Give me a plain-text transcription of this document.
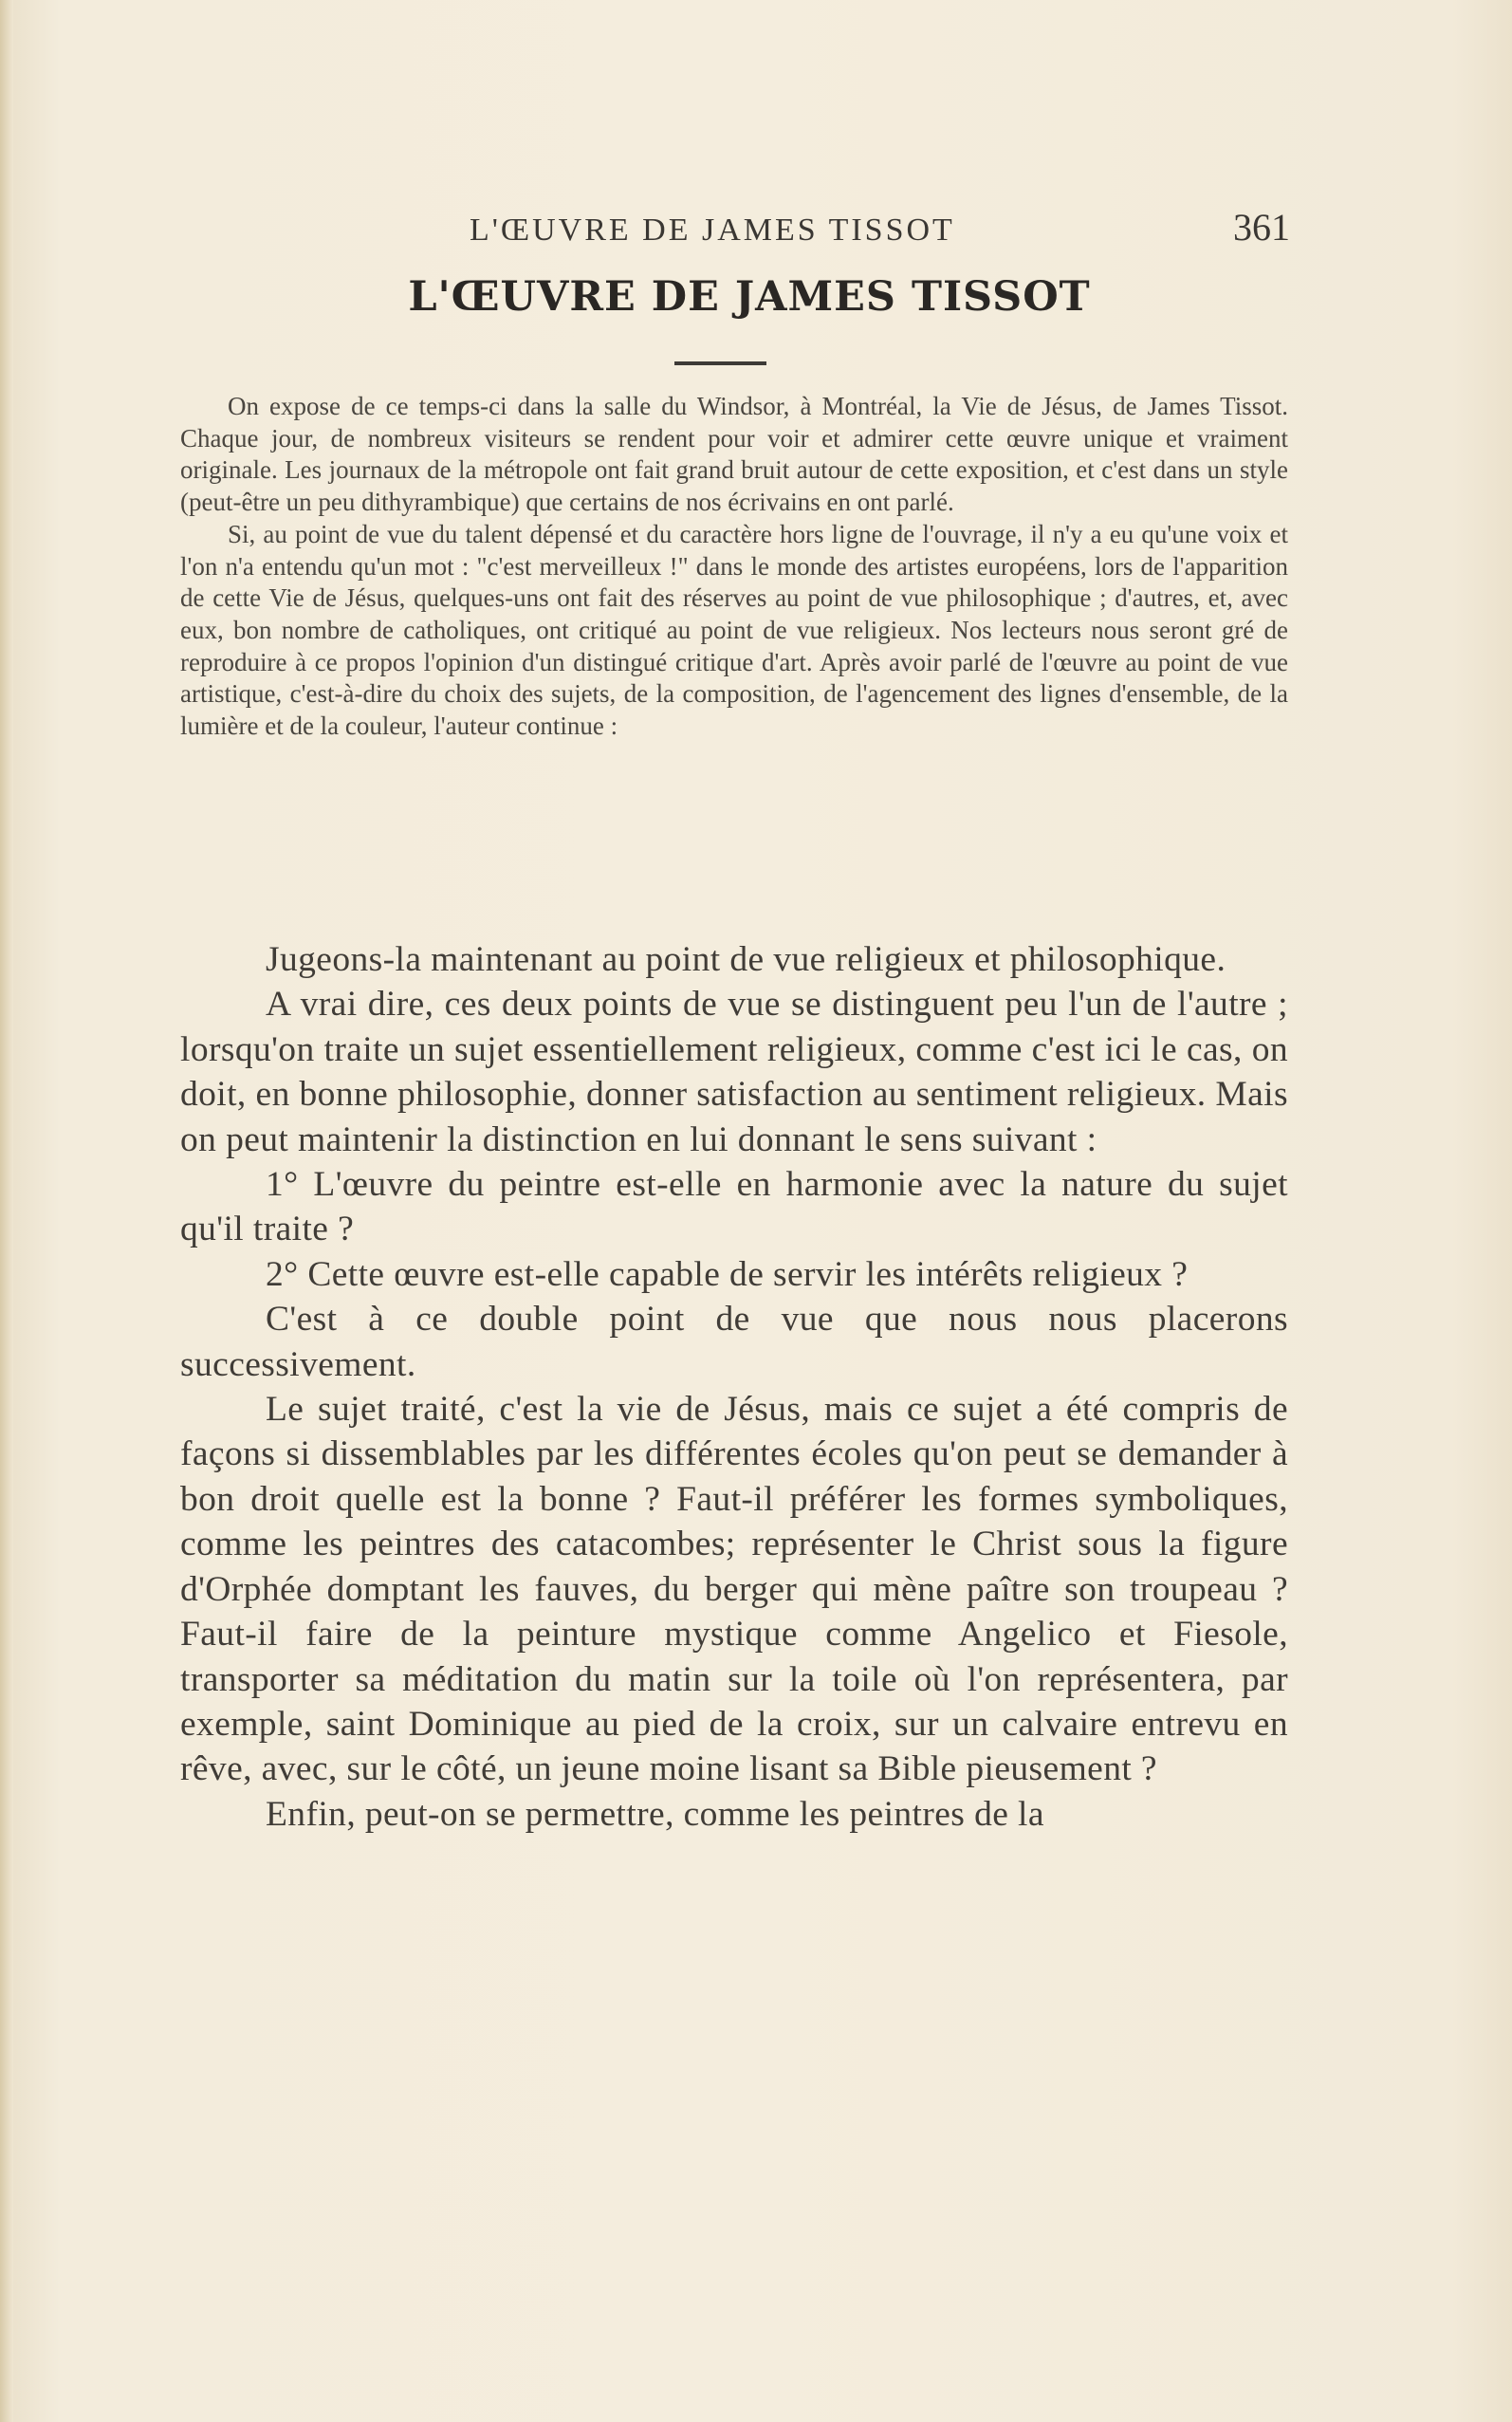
L'ŒUVRE DE JAMES TISSOT	361
L'ŒUVRE DE JAMES TISSOT

On expose de ce temps-ci dans la salle du Windsor, à Montréal, la Vie de Jésus, de James Tissot. Chaque jour, de nombreux visiteurs se rendent pour voir et admirer cette œuvre unique et vraiment originale. Les journaux de la métropole ont fait grand bruit autour de cette exposition, et c'est dans un style (peut-être un peu dithyrambique) que certains de nos écrivains en ont parlé.

Si, au point de vue du talent dépensé et du caractère hors ligne de l'ouvrage, il n'y a eu qu'une voix et l'on n'a entendu qu'un mot : "c'est merveilleux !" dans le monde des artistes européens, lors de l'apparition de cette Vie de Jésus, quelques-uns ont fait des réserves au point de vue philosophique ; d'autres, et, avec eux, bon nombre de catholiques, ont critiqué au point de vue religieux. Nos lecteurs nous seront gré de reproduire à ce propos l'opinion d'un distingué critique d'art. Après avoir parlé de l'œuvre au point de vue artistique, c'est-à-dire du choix des sujets, de la composition, de l'agencement des lignes d'ensemble, de la lumière et de la couleur, l'auteur continue :

Jugeons-la maintenant au point de vue religieux et philosophique.

A vrai dire, ces deux points de vue se distinguent peu l'un de l'autre ; lorsqu'on traite un sujet essentiellement religieux, comme c'est ici le cas, on doit, en bonne philosophie, donner satisfaction au sentiment religieux. Mais on peut maintenir la distinction en lui donnant le sens suivant :

1° L'œuvre du peintre est-elle en harmonie avec la nature du sujet qu'il traite ?

2° Cette œuvre est-elle capable de servir les intérêts religieux ?

C'est à ce double point de vue que nous nous placerons successivement.

Le sujet traité, c'est la vie de Jésus, mais ce sujet a été compris de façons si dissemblables par les différentes écoles qu'on peut se demander à bon droit quelle est la bonne ? Faut-il préférer les formes symboliques, comme les peintres des catacombes; représenter le Christ sous la figure d'Orphée domptant les fauves, du berger qui mène paître son troupeau ? Faut-il faire de la peinture mystique comme Angelico et Fiesole, transporter sa méditation du matin sur la toile où l'on représentera, par exemple, saint Dominique au pied de la croix, sur un calvaire entrevu en rêve, avec, sur le côté, un jeune moine lisant sa Bible pieusement ?

Enfin, peut-on se permettre, comme les peintres de la
